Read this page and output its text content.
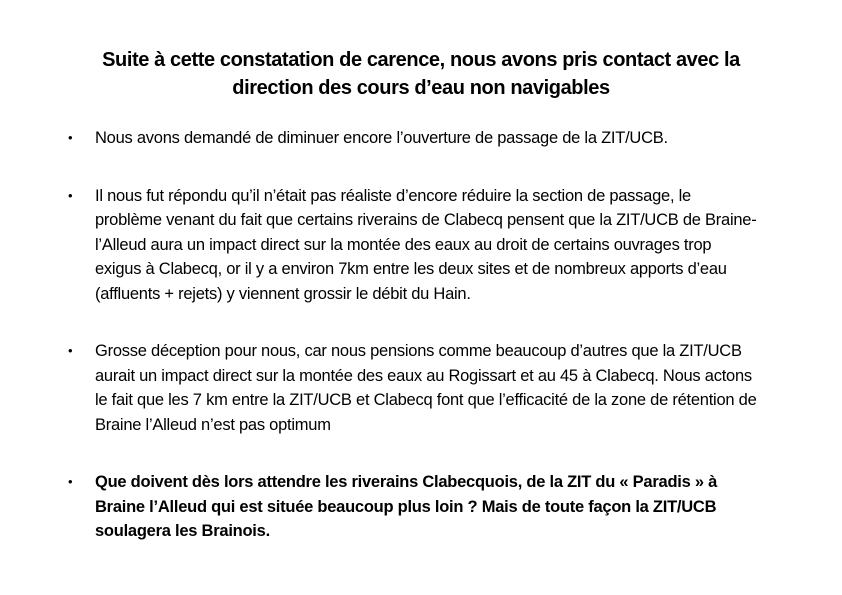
Suite à cette constatation de carence, nous avons pris contact avec la direction des cours d’eau non navigables
•	Nous avons demandé de diminuer encore l’ouverture de passage de la ZIT/UCB.
•	Il nous fut répondu qu’il n’était pas réaliste d’encore réduire la section de passage, le problème venant du fait que certains riverains de Clabecq pensent que la ZIT/UCB de Braine-l’Alleud aura un impact direct sur la montée des eaux au droit de certains ouvrages trop exigus à Clabecq, or il y a environ 7km entre les deux sites et de nombreux apports d’eau (affluents + rejets) y viennent grossir le débit du Hain.
•	Grosse déception pour nous, car nous pensions comme beaucoup d’autres que la ZIT/UCB aurait un impact direct sur la montée des eaux au Rogissart et au 45 à Clabecq. Nous actons le fait que les 7 km entre la ZIT/UCB et Clabecq font que l’efficacité de la zone de rétention de Braine l’Alleud n’est pas optimum
•	Que doivent dès lors attendre les riverains Clabecquois, de la ZIT du « Paradis » à Braine l’Alleud qui est située beaucoup plus loin ? Mais de toute façon la ZIT/UCB soulagera les Brainois.
